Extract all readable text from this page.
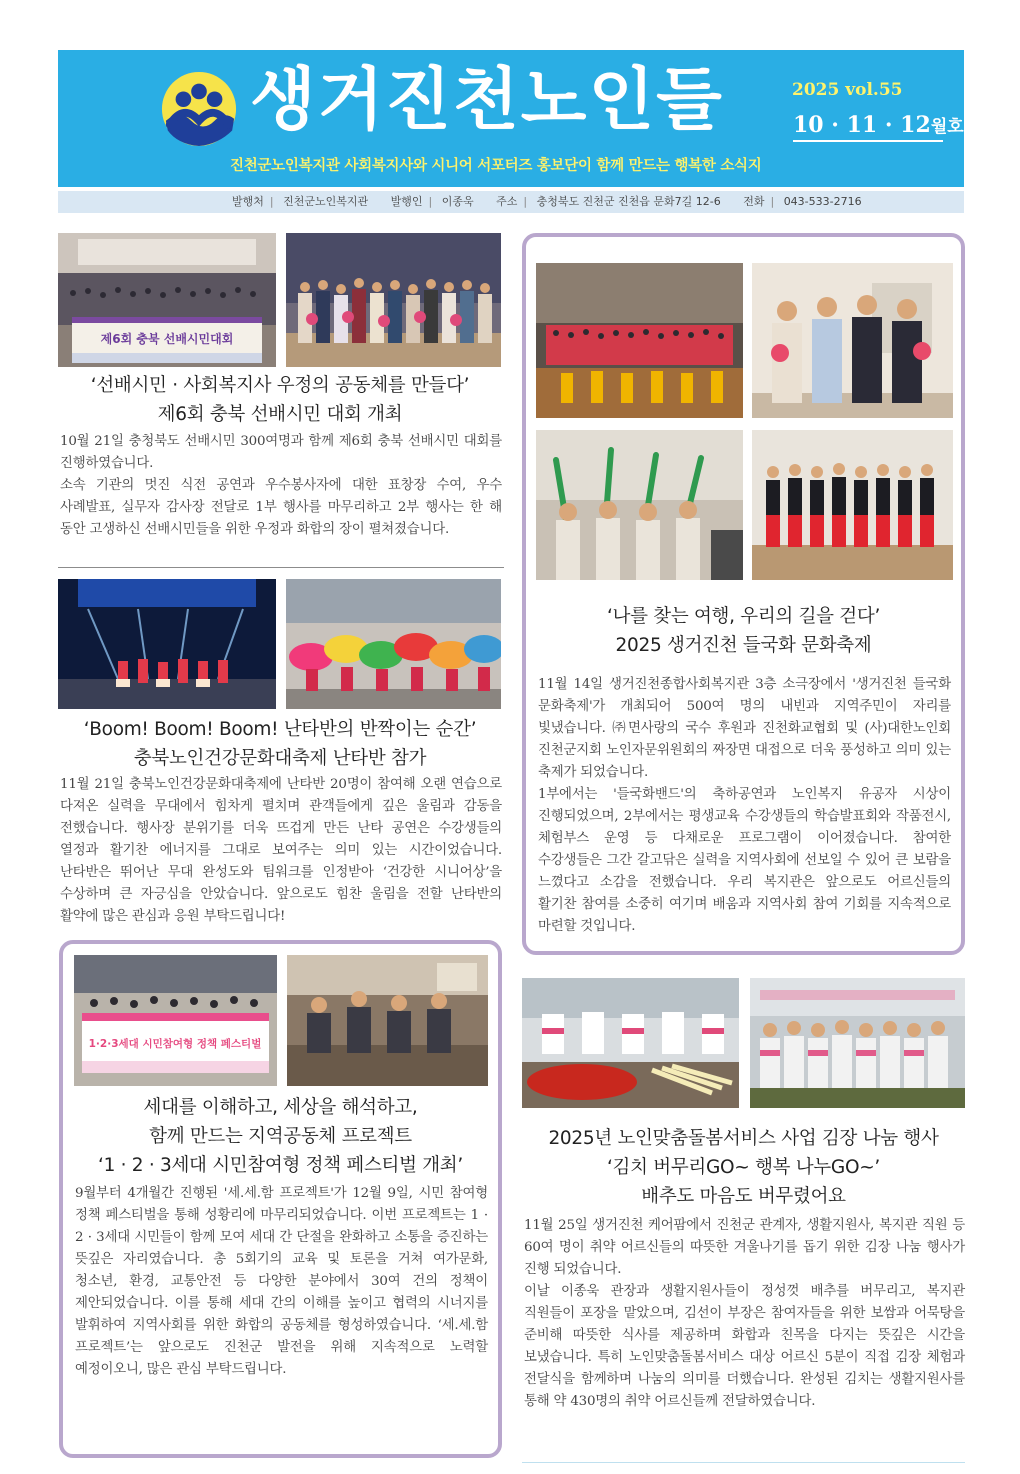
생거진천노인들	2025 vol.55
10 · 11 · 12월호
진천군노인복지관 사회복지사와 시니어 서포터즈 홍보단이 함께 만드는 행복한 소식지
발행처 | 진천군노인복지관 발행인 | 이종욱 주소 | 충청북도 진천군 진천읍 문화7길 12-6 전화 | 043-533-2716
제6회 충북 선배시민대회
‘선배시민 · 사회복지사 우정의 공동체를 만들다’
제6회 충북 선배시민 대회 개최

10월 21일 충청북도 선배시민 300여명과 함께 제6회 충북 선배시민 대회를 진행하였습니다.

소속 기관의 멋진 식전 공연과 우수봉사자에 대한 표창장 수여, 우수 사례발표, 실무자 감사장 전달로 1부 행사를 마무리하고 2부 행사는 한 해 동안 고생하신 선배시민들을 위한 우정과 화합의 장이 펼쳐졌습니다.

‘Boom! Boom! Boom! 난타반의 반짝이는 순간’
충북노인건강문화대축제 난타반 참가

11월 21일 충북노인건강문화대축제에 난타반 20명이 참여해 오랜 연습으로 다져온 실력을 무대에서 힘차게 펼치며 관객들에게 깊은 울림과 감동을 전했습니다. 행사장 분위기를 더욱 뜨겁게 만든 난타 공연은 수강생들의 열정과 활기찬 에너지를 그대로 보여주는 의미 있는 시간이었습니다. 난타반은 뛰어난 무대 완성도와 팀워크를 인정받아 ‘건강한 시니어상’을 수상하며 큰 자긍심을 안았습니다. 앞으로도 힘찬 울림을 전할 난타반의 활약에 많은 관심과 응원 부탁드립니다!

1·2·3세대 시민참여형 정책 페스티벌
세대를 이해하고, 세상을 해석하고,
함께 만드는 지역공동체 프로젝트
‘1 · 2 · 3세대 시민참여형 정책 페스티벌 개최’

9월부터 4개월간 진행된 '세.세.함 프로젝트'가 12월 9일, 시민 참여형 정책 페스티벌을 통해 성황리에 마무리되었습니다. 이번 프로젝트는 1 · 2 · 3세대 시민들이 함께 모여 세대 간 단절을 완화하고 소통을 증진하는 뜻깊은 자리였습니다. 총 5회기의 교육 및 토론을 거쳐 여가문화, 청소년, 환경, 교통안전 등 다양한 분야에서 30여 건의 정책이 제안되었습니다. 이를 통해 세대 간의 이해를 높이고 협력의 시너지를 발휘하여 지역사회를 위한 화합의 공동체를 형성하였습니다. ‘세.세.함 프로젝트’는 앞으로도 진천군 발전을 위해 지속적으로 노력할 예정이오니, 많은 관심 부탁드립니다.

‘나를 찾는 여행, 우리의 길을 걷다’
2025 생거진천 들국화 문화축제

11월 14일 생거진천종합사회복지관 3층 소극장에서 '생거진천 들국화 문화축제'가 개최되어 500여 명의 내빈과 지역주민이 자리를 빛냈습니다. ㈜면사랑의 국수 후원과 진천화교협회 및 (사)대한노인회 진천군지회 노인자문위원회의 짜장면 대접으로 더욱 풍성하고 의미 있는 축제가 되었습니다.

1부에서는 '들국화밴드'의 축하공연과 노인복지 유공자 시상이 진행되었으며, 2부에서는 평생교육 수강생들의 학습발표회와 작품전시, 체험부스 운영 등 다채로운 프로그램이 이어졌습니다. 참여한 수강생들은 그간 갈고닦은 실력을 지역사회에 선보일 수 있어 큰 보람을 느꼈다고 소감을 전했습니다. 우리 복지관은 앞으로도 어르신들의 활기찬 참여를 소중히 여기며 배움과 지역사회 참여 기회를 지속적으로 마련할 것입니다.

2025년 노인맞춤돌봄서비스 사업 김장 나눔 행사
‘김치 버무리GO~ 행복 나누GO~’
배추도 마음도 버무렸어요

11월 25일 생거진천 케어팜에서 진천군 관계자, 생활지원사, 복지관 직원 등 60여 명이 취약 어르신들의 따뜻한 겨울나기를 돕기 위한 김장 나눔 행사가 진행 되었습니다.

이날 이종욱 관장과 생활지원사들이 정성껏 배추를 버무리고, 복지관 직원들이 포장을 맡았으며, 김선이 부장은 참여자들을 위한 보쌈과 어묵탕을 준비해 따뜻한 식사를 제공하며 화합과 친목을 다지는 뜻깊은 시간을 보냈습니다. 특히 노인맞춤돌봄서비스 대상 어르신 5분이 직접 김장 체험과 전달식을 함께하며 나눔의 의미를 더했습니다. 완성된 김치는 생활지원사를 통해 약 430명의 취약 어르신들께 전달하였습니다.
